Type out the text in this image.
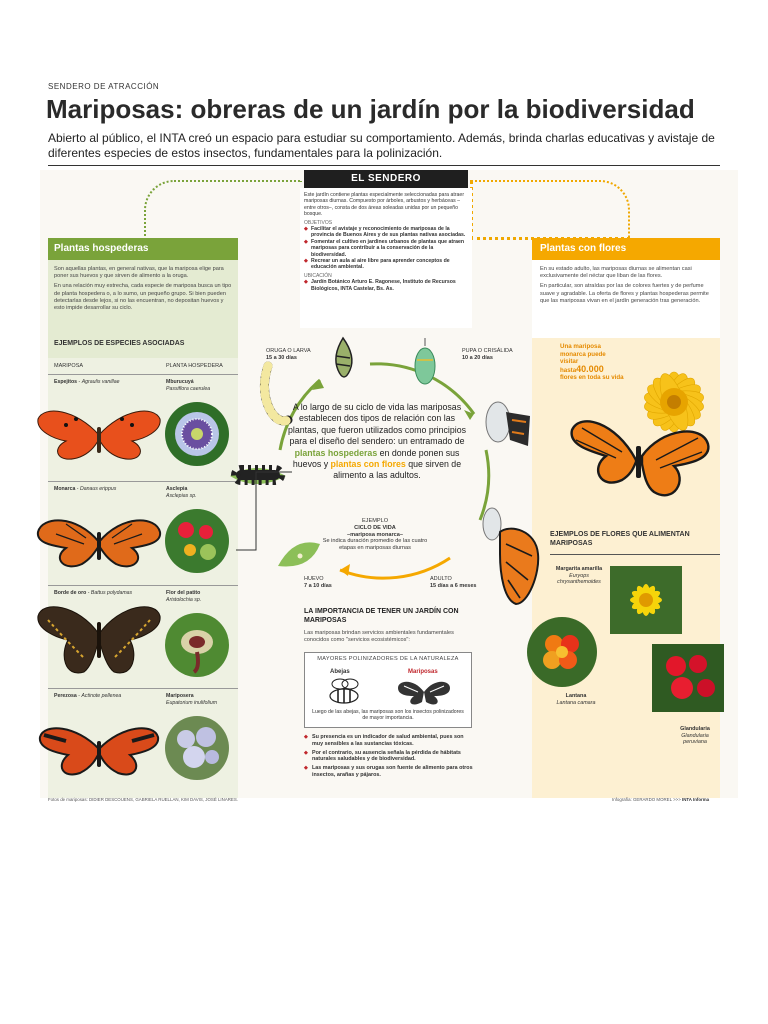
SENDERO DE ATRACCIÓN
Mariposas: obreras de un jardín por la biodiversidad
Abierto al público, el INTA creó un espacio para estudiar su comportamiento. Además, brinda charlas educativas y avistaje de diferentes especies de estos insectos, fundamentales para la polinización.
EL SENDERO
Este jardín contiene plantas especialmente seleccionadas para atraer mariposas diurnas. Compuesto por árboles, arbustos y herbáceas –entre otros–, consta de dos áreas soleadas unidas por un pequeño bosque.
OBJETIVOS
◆ Facilitar el avistaje y reconocimiento de mariposas de la provincia de Buenos Aires y de sus plantas nativas asociadas.
◆ Fomentar el cultivo en jardines urbanos de plantas que atraen mariposas para contribuir a la conservación de la biodiversidad.
◆ Recrear un aula al aire libre para aprender conceptos de educación ambiental.
UBICACIÓN
◆ Jardín Botánico Arturo E. Ragonese, Instituto de Recursos Biológicos, INTA Castelar, Bs. As.
Plantas hospederas

Son aquellas plantas, en general nativas, que la mariposa elige para poner sus huevos y que sirven de alimento a la oruga.

En una relación muy estrecha, cada especie de mariposa busca un tipo de planta hospedera o, a lo sumo, un pequeño grupo. Si bien pueden detectarlas desde lejos, si no las encuentran, no depositan huevos y esto impide desarrollar su ciclo.

EJEMPLOS DE ESPECIES ASOCIADAS
MARIPOSA	PLANTA HOSPEDERA
Espejitos - Agraulis vanillae	Mburucuyá
Passiflora caerulea
Monarca - Danaus erippus	Asclepia
Asclepias sp.
Borde de oro - Battus polydamas	Flor del patito
Aristolochia sp.
Perezosa - Actinote pellenea	Mariposera
Eupatorium inulifolium
Plantas con flores

En su estado adulto, las mariposas diurnas se alimentan casi exclusivamente del néctar que liban de las flores.

En particular, son atraídas por las de colores fuertes y de perfume suave y agradable. La oferta de flores y plantas hospederas permite que las mariposas vivan en el jardín generación tras generación.

Una mariposa monarca puede visitar
hasta40.000
flores en toda su vida
EJEMPLOS DE FLORES QUE ALIMENTAN MARIPOSAS
Margarita amarilla
Euryops chrysanthemoides
Lantana
Lantana camara
Glandularia
Glandularia peruviana
ORUGA O LARVA
15 a 30 días
PUPA O CRISÁLIDA
10 a 20 días
HUEVO
7 a 10 días
ADULTO
15 días a 6 meses
A lo largo de su ciclo de vida las mariposas establecen dos tipos de relación con las plantas, que fueron utilizados como principios para el diseño del sendero: un entramado de plantas hospederas en donde ponen sus huevos y plantas con flores que sirven de alimento a las adultos.
EJEMPLO
CICLO DE VIDA
–mariposa monarca–
Se indica duración promedio de las cuatro etapas en mariposas diurnas
LA IMPORTANCIA DE TENER UN JARDÍN CON MARIPOSAS
Las mariposas brindan servicios ambientales fundamentales conocidos como "servicios ecosistémicos":
MAYORES POLINIZADORES DE LA NATURALEZA
Abejas	Mariposas
Luego de las abejas, las mariposas son los insectos polinizadores de mayor importancia.
◆ Su presencia es un indicador de salud ambiental, pues son muy sensibles a las sustancias tóxicas.
◆ Por el contrario, su ausencia señala la pérdida de hábitats naturales saludables y de biodiversidad.
◆ Las mariposas y sus orugas son fuente de alimento para otros insectos, arañas y pájaros.
Fotos de mariposas: DIDIER DESCOUENS, GABRIELA RUELLAN, KIM DAVIS, JOSÉ LINARES.	Infografía: GERARDO MOREL >>> INTA Informa
